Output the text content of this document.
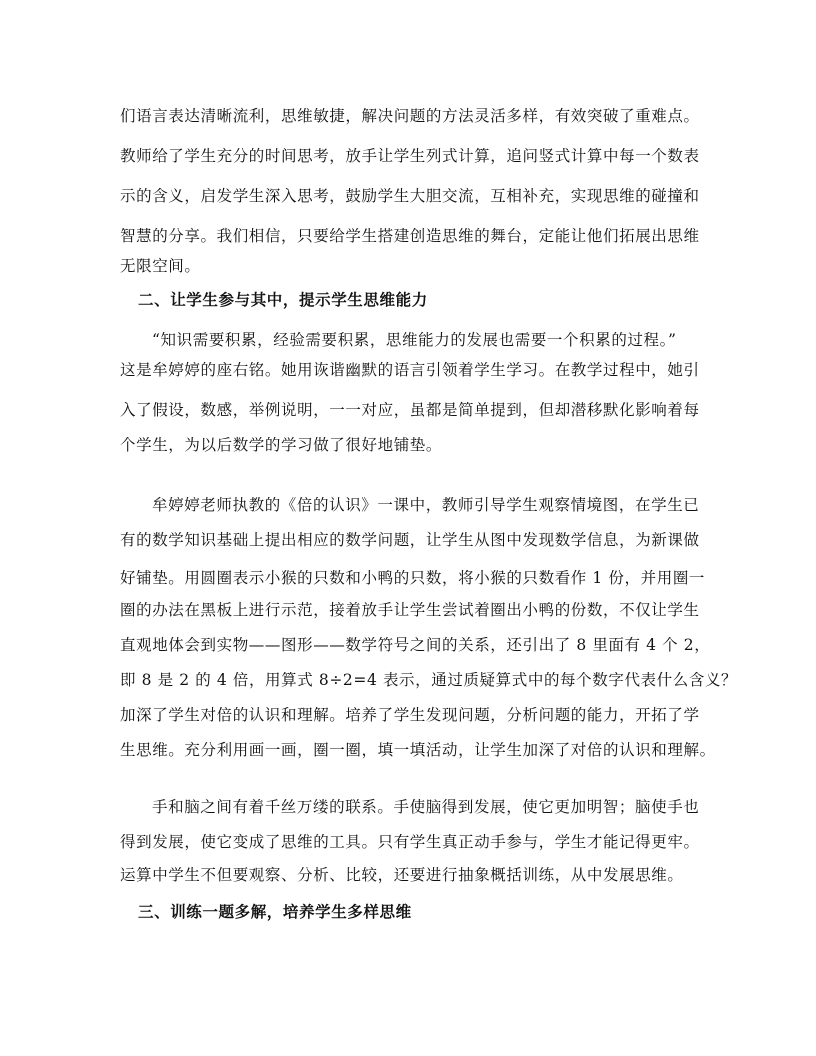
们语言表达清晰流利，思维敏捷，解决问题的方法灵活多样，有效突破了重难点。
教师给了学生充分的时间思考，放手让学生列式计算，追问竖式计算中每一个数表
示的含义，启发学生深入思考，鼓励学生大胆交流，互相补充，实现思维的碰撞和
智慧的分享。我们相信，只要给学生搭建创造思维的舞台，定能让他们拓展出思维
无限空间。
二、让学生参与其中，提示学生思维能力
“知识需要积累，经验需要积累，思维能力的发展也需要一个积累的过程。”
这是牟婷婷的座右铭。她用诙谐幽默的语言引领着学生学习。在教学过程中，她引
入了假设，数感，举例说明，一一对应，虽都是简单提到，但却潜移默化影响着每
个学生，为以后数学的学习做了很好地铺垫。
牟婷婷老师执教的《倍的认识》一课中，教师引导学生观察情境图，在学生已
有的数学知识基础上提出相应的数学问题，让学生从图中发现数学信息，为新课做
好铺垫。用圆圈表示小猴的只数和小鸭的只数，将小猴的只数看作 1 份，并用圈一
圈的办法在黑板上进行示范，接着放手让学生尝试着圈出小鸭的份数，不仅让学生
直观地体会到实物——图形——数学符号之间的关系，还引出了 8 里面有 4 个 2，
即 8 是 2 的 4 倍，用算式 8÷2=4 表示，通过质疑算式中的每个数字代表什么含义？
加深了学生对倍的认识和理解。培养了学生发现问题，分析问题的能力，开拓了学
生思维。充分利用画一画，圈一圈，填一填活动，让学生加深了对倍的认识和理解。
手和脑之间有着千丝万缕的联系。手使脑得到发展，使它更加明智；脑使手也
得到发展，使它变成了思维的工具。只有学生真正动手参与，学生才能记得更牢。
运算中学生不但要观察、分析、比较，还要进行抽象概括训练，从中发展思维。
三、训练一题多解，培养学生多样思维
